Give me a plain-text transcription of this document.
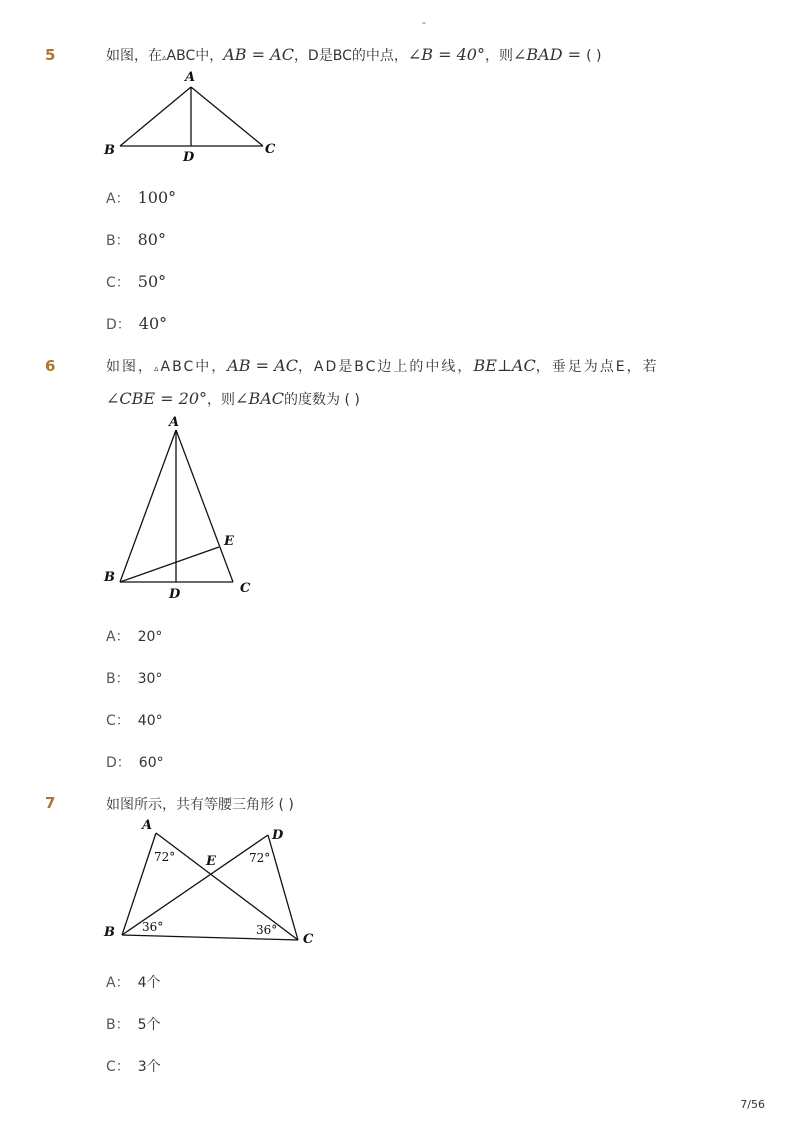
-
5	如图，在▵ABC中，AB = AC，D是BC的中点，∠B = 40°，则∠BAD = ( )
A
B	C
D
A： 100°
B： 80°
C： 50°
D： 40°
6	如图，▵ABC中，AB = AC，AD是BC边上的中线，BE⊥AC，垂足为点E，若
∠CBE = 20°，则∠BAC的度数为 ( )
A
B
C
D
E
A： 20°
B： 30°
C： 40°
D： 60°
7	如图所示，共有等腰三角形 ( )
A
D
E
B	C
72°	72°
36°	36°
A： 4个
B： 5个
C： 3个
7/56
